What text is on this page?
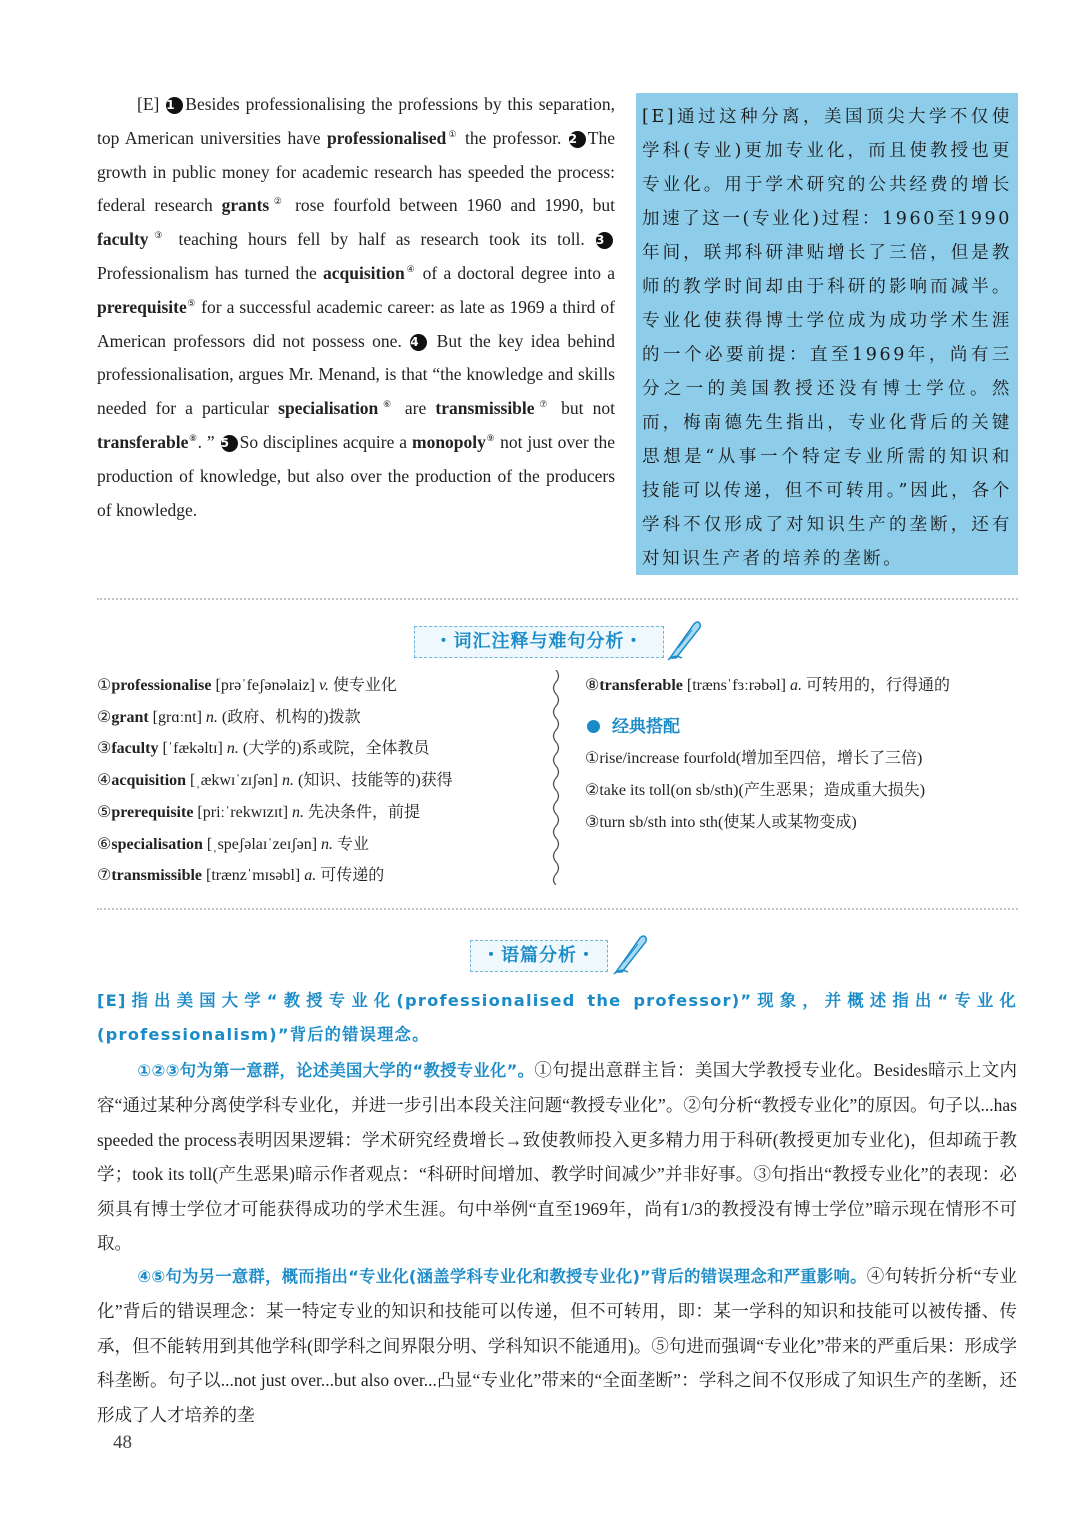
[E] 1 Besides professionalising the professions by this separation, top American universities have professionalised① the professor. 2 The growth in public money for academic research has speeded the process: federal research grants② rose fourfold between 1960 and 1990, but faculty③ teaching hours fell by half as research took its toll. 3 Professionalism has turned the acquisition④ of a doctoral degree into a prerequisite⑤ for a successful academic career: as late as 1969 a third of American professors did not possess one. 4 But the key idea behind professionalisation, argues Mr. Menand, is that “the knowledge and skills needed for a particular specialisation⑥ are transmissible⑦ but not transferable⑧. ” 5 So disciplines acquire a monopoly⑨ not just over the production of knowledge, but also over the production of the producers of knowledge.
[E]通过这种分离，美国顶尖大学不仅使学科(专业)更加专业化，而且使教授也更专业化。用于学术研究的公共经费的增长加速了这一(专业化)过程：1960至1990年间，联邦科研津贴增长了三倍，但是教师的教学时间却由于科研的影响而减半。专业化使获得博士学位成为成功学术生涯的一个必要前提：直至1969年，尚有三分之一的美国教授还没有博士学位。然而，梅南德先生指出，专业化背后的关键思想是“从事一个特定专业所需的知识和技能可以传递，但不可转用。”因此，各个学科不仅形成了对知识生产的垄断，还有对知识生产者的培养的垄断。
・词汇注释与难句分析・
①professionalise [prəˈfeʃənəlaiz] v. 使专业化
②grant [grɑːnt] n. (政府、机构的)拨款
③faculty [ˈfækəltɪ] n. (大学的)系或院，全体教员
④acquisition [ˌækwɪˈzɪʃən] n. (知识、技能等的)获得
⑤prerequisite [priːˈrekwɪzɪt] n. 先决条件，前提
⑥specialisation [ˌspeʃəlaɪˈzeɪʃən] n. 专业
⑦transmissible [trænzˈmɪsəbl] a. 可传递的
⑧transferable [trænsˈfɜːrəbəl] a. 可转用的，行得通的
经典搭配
①rise/increase fourfold(增加至四倍，增长了三倍)
②take its toll(on sb/sth)(产生恶果；造成重大损失)
③turn sb/sth into sth(使某人或某物变成)
・语篇分析・
[E]指出美国大学“教授专业化(professionalised the professor)”现象，并概述指出“专业化(professionalism)”背后的错误理念。
①②③句为第一意群，论述美国大学的“教授专业化”。①句提出意群主旨：美国大学教授专业化。Besides暗示上文内容“通过某种分离使学科专业化，并进一步引出本段关注问题“教授专业化”。②句分析“教授专业化”的原因。句子以...has speeded the process表明因果逻辑：学术研究经费增长→致使教师投入更多精力用于科研(教授更加专业化)，但却疏于教学；took its toll(产生恶果)暗示作者观点：“科研时间增加、教学时间减少”并非好事。③句指出“教授专业化”的表现：必须具有博士学位才可能获得成功的学术生涯。句中举例“直至1969年，尚有1/3的教授没有博士学位”暗示现在情形不可取。
④⑤句为另一意群，概而指出“专业化(涵盖学科专业化和教授专业化)”背后的错误理念和严重影响。④句转折分析“专业化”背后的错误理念：某一特定专业的知识和技能可以传递，但不可转用，即：某一学科的知识和技能可以被传播、传承，但不能转用到其他学科(即学科之间界限分明、学科知识不能通用)。⑤句进而强调“专业化”带来的严重后果：形成学科垄断。句子以...not just over...but also over...凸显“专业化”带来的“全面垄断”：学科之间不仅形成了知识生产的垄断，还形成了人才培养的垄
48
